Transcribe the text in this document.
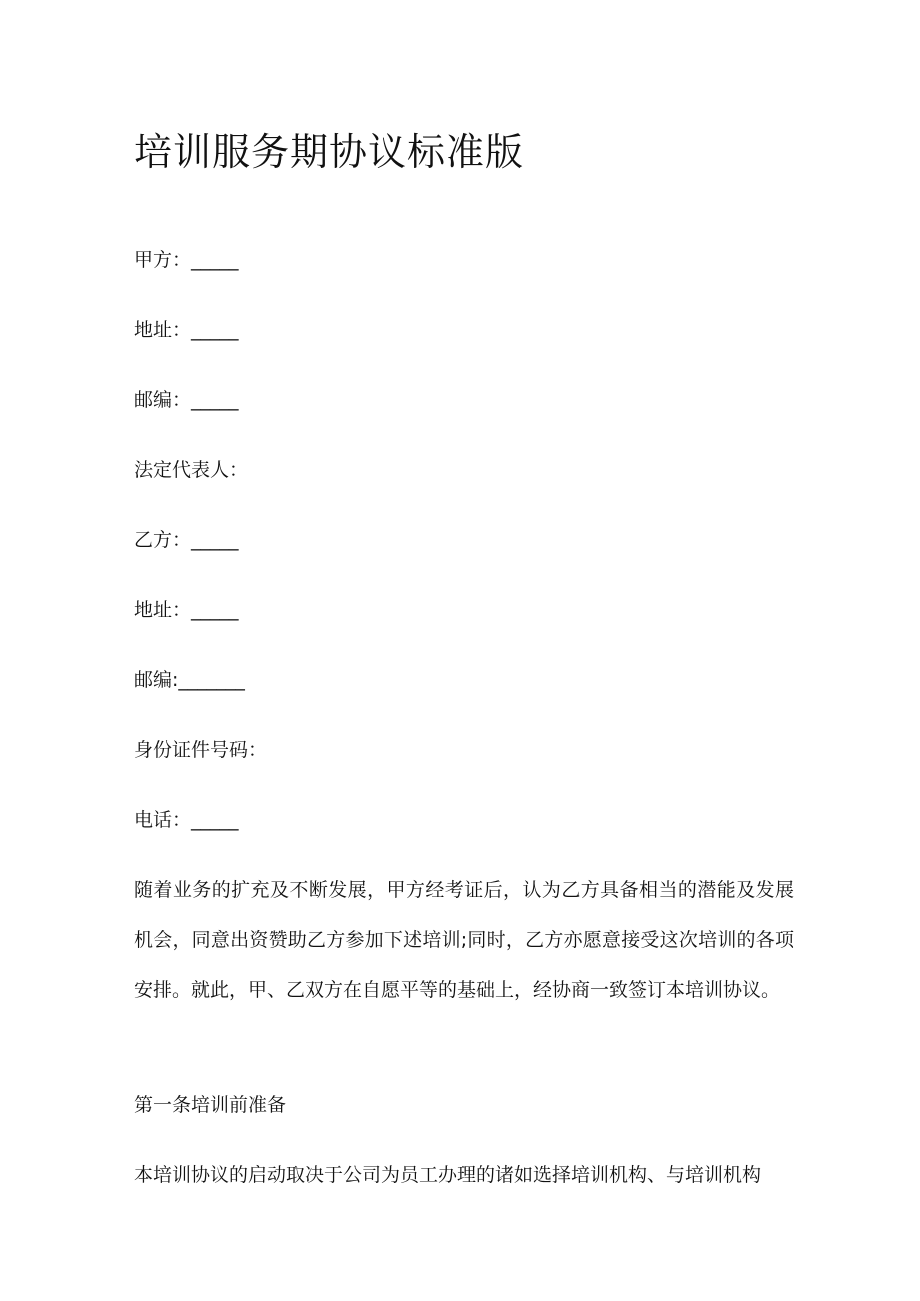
培训服务期协议标准版
甲方：_____
地址：_____
邮编：_____
法定代表人：
乙方：_____
地址：_____
邮编:_______
身份证件号码：
电话：_____

随着业务的扩充及不断发展，甲方经考证后，认为乙方具备相当的潜能及发展机会，同意出资赞助乙方参加下述培训;同时，乙方亦愿意接受这次培训的各项安排。就此，甲、乙双方在自愿平等的基础上，经协商一致签订本培训协议。

第一条培训前准备

本培训协议的启动取决于公司为员工办理的诸如选择培训机构、与培训机构
